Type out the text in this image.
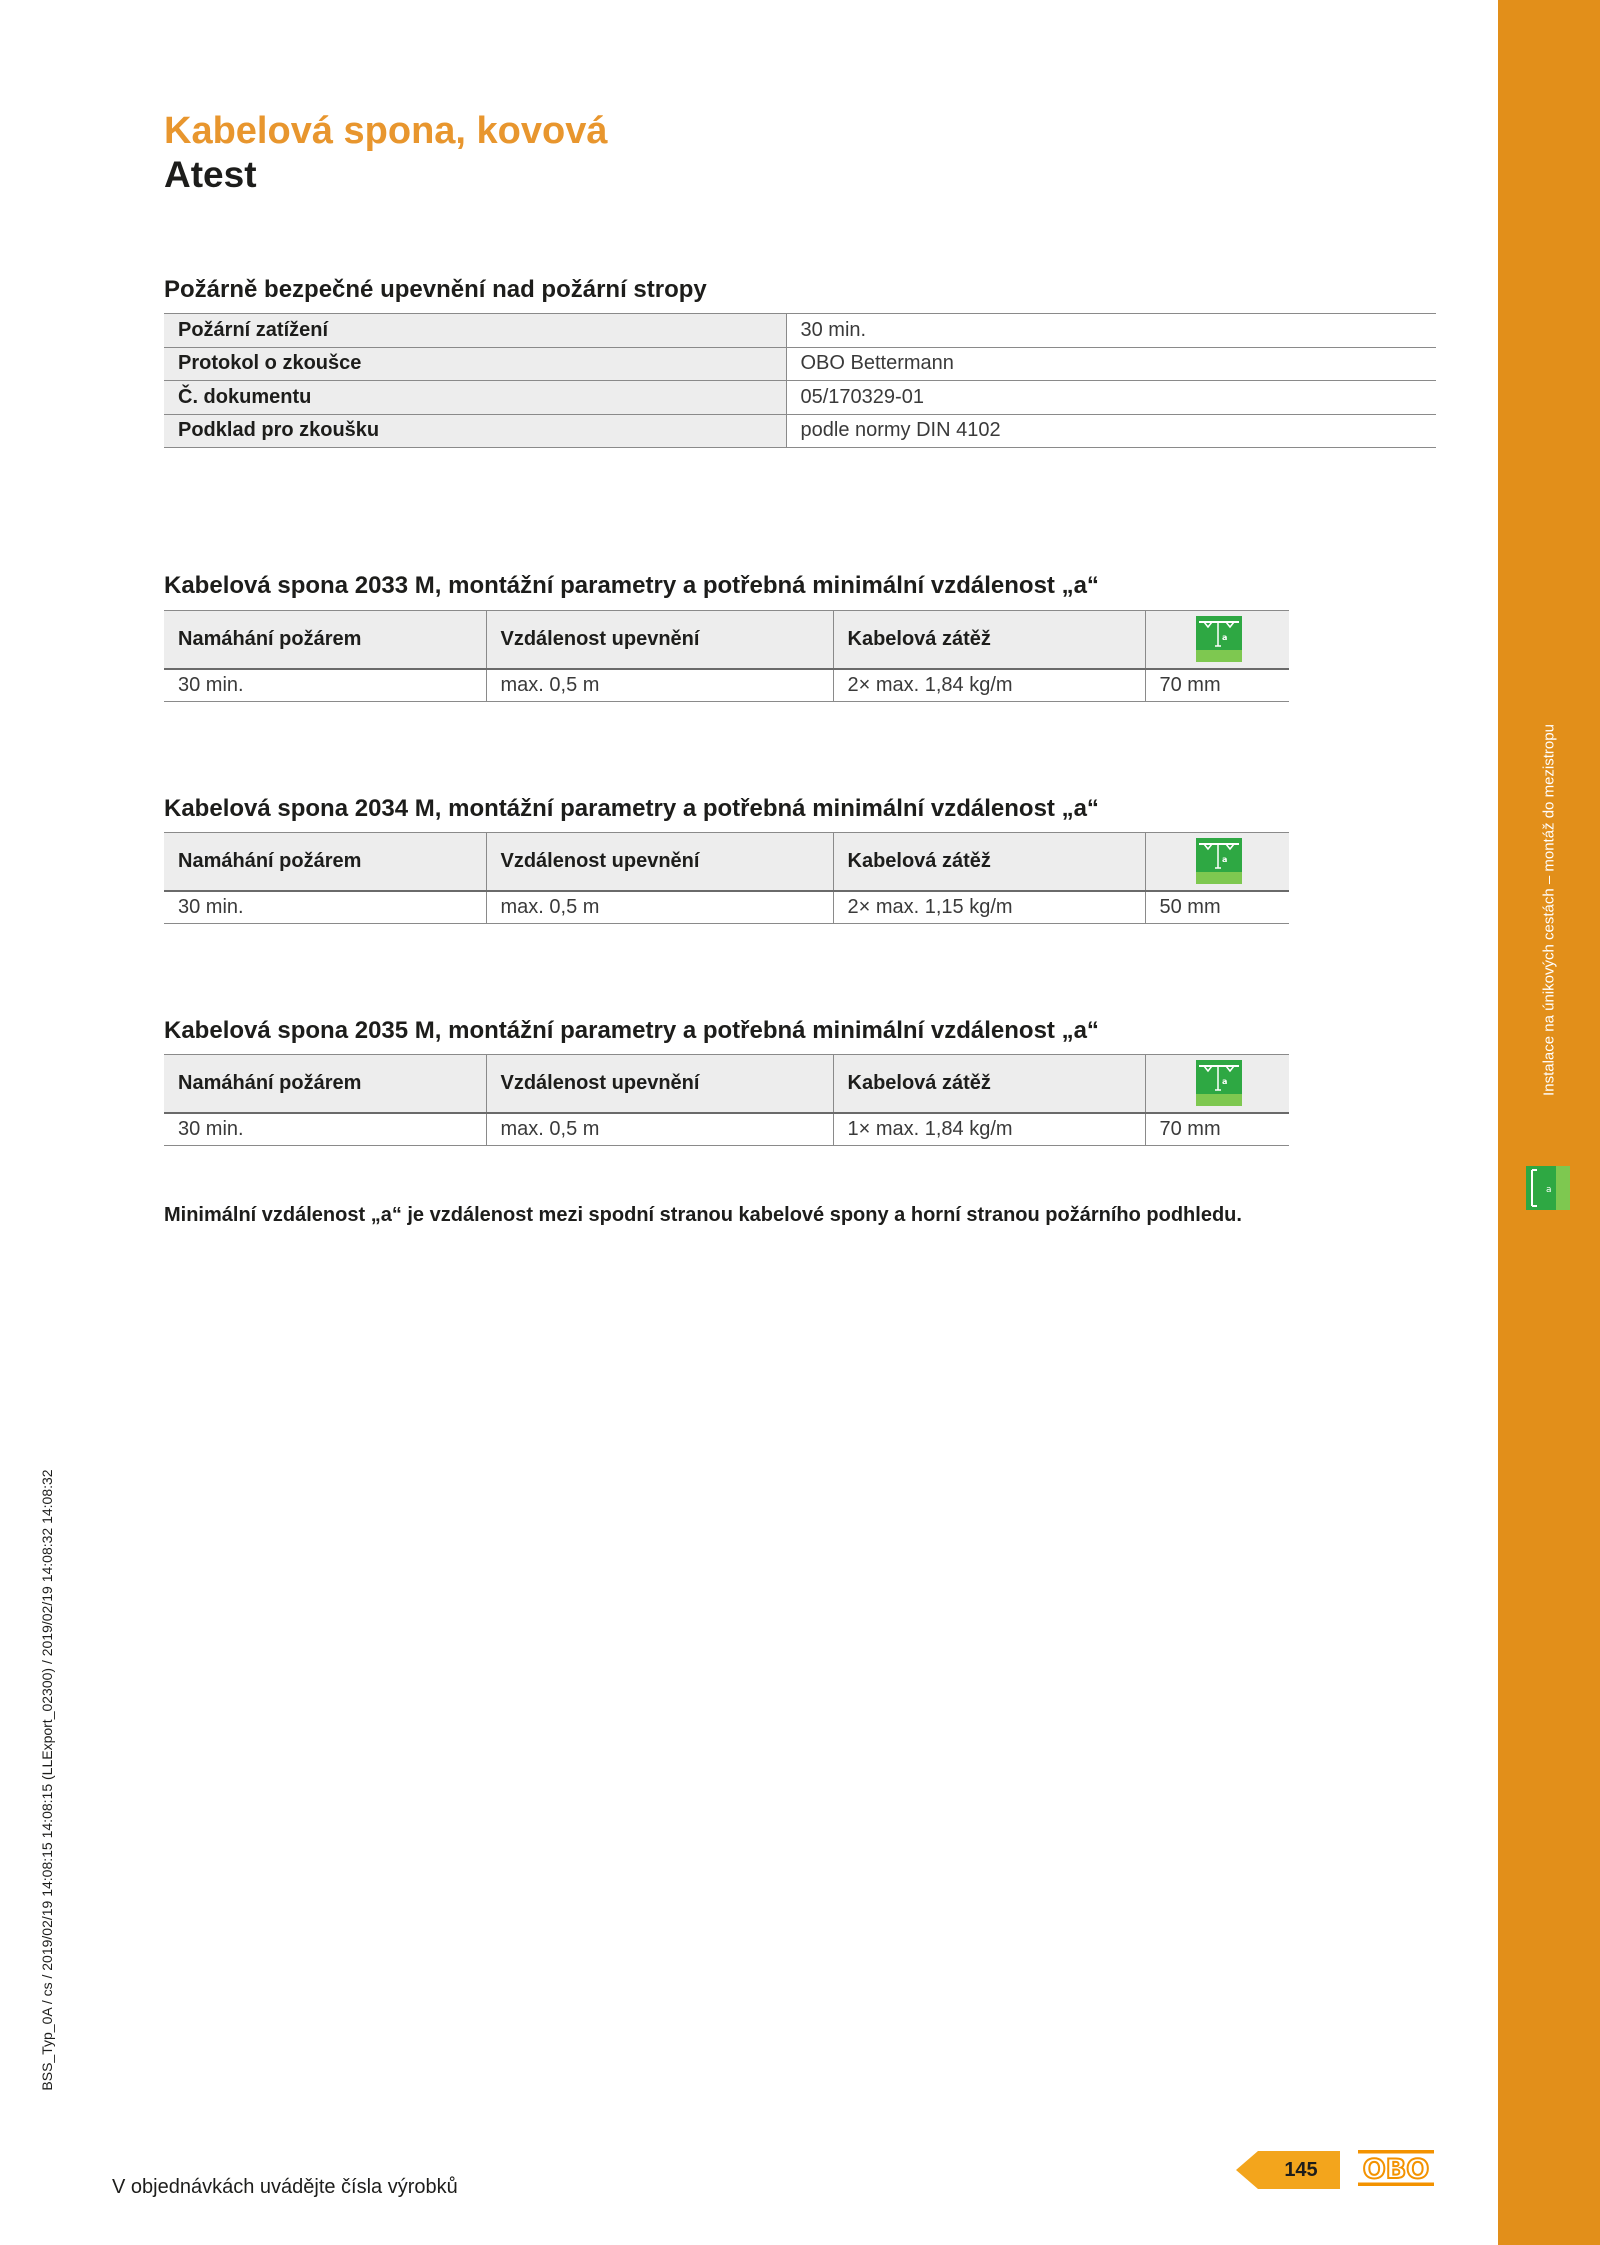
Instalace na únikových cestách – montáž do mezistropu
a
BSS_Typ_0A / cs / 2019/02/19 14:08:15 14:08:15 (LLExport_02300) / 2019/02/19 14:08:32 14:08:32
Kabelová spona, kovová
Atest
Požárně bezpečné upevnění nad požární stropy
Požární zatížení	30 min.
Protokol o zkoušce	OBO Bettermann
Č. dokumentu	05/170329-01
Podklad pro zkoušku	podle normy DIN 4102
Kabelová spona 2033 M, montážní parametry a potřebná minimální vzdálenost „a“
Namáhání požárem	Vzdálenost upevnění	Kabelová zátěž	a

30 min.	max. 0,5 m	2× max. 1,84 kg/m	70 mm
Kabelová spona 2034 M, montážní parametry a potřebná minimální vzdálenost „a“
Namáhání požárem	Vzdálenost upevnění	Kabelová zátěž	a

30 min.	max. 0,5 m	2× max. 1,15 kg/m	50 mm
Kabelová spona 2035 M, montážní parametry a potřebná minimální vzdálenost „a“
Namáhání požárem	Vzdálenost upevnění	Kabelová zátěž	a

30 min.	max. 0,5 m	1× max. 1,84 kg/m	70 mm
Minimální vzdálenost „a“ je vzdálenost mezi spodní stranou kabelové spony a horní stranou požárního podhledu.
V objednávkách uvádějte čísla výrobků
145	OBO
